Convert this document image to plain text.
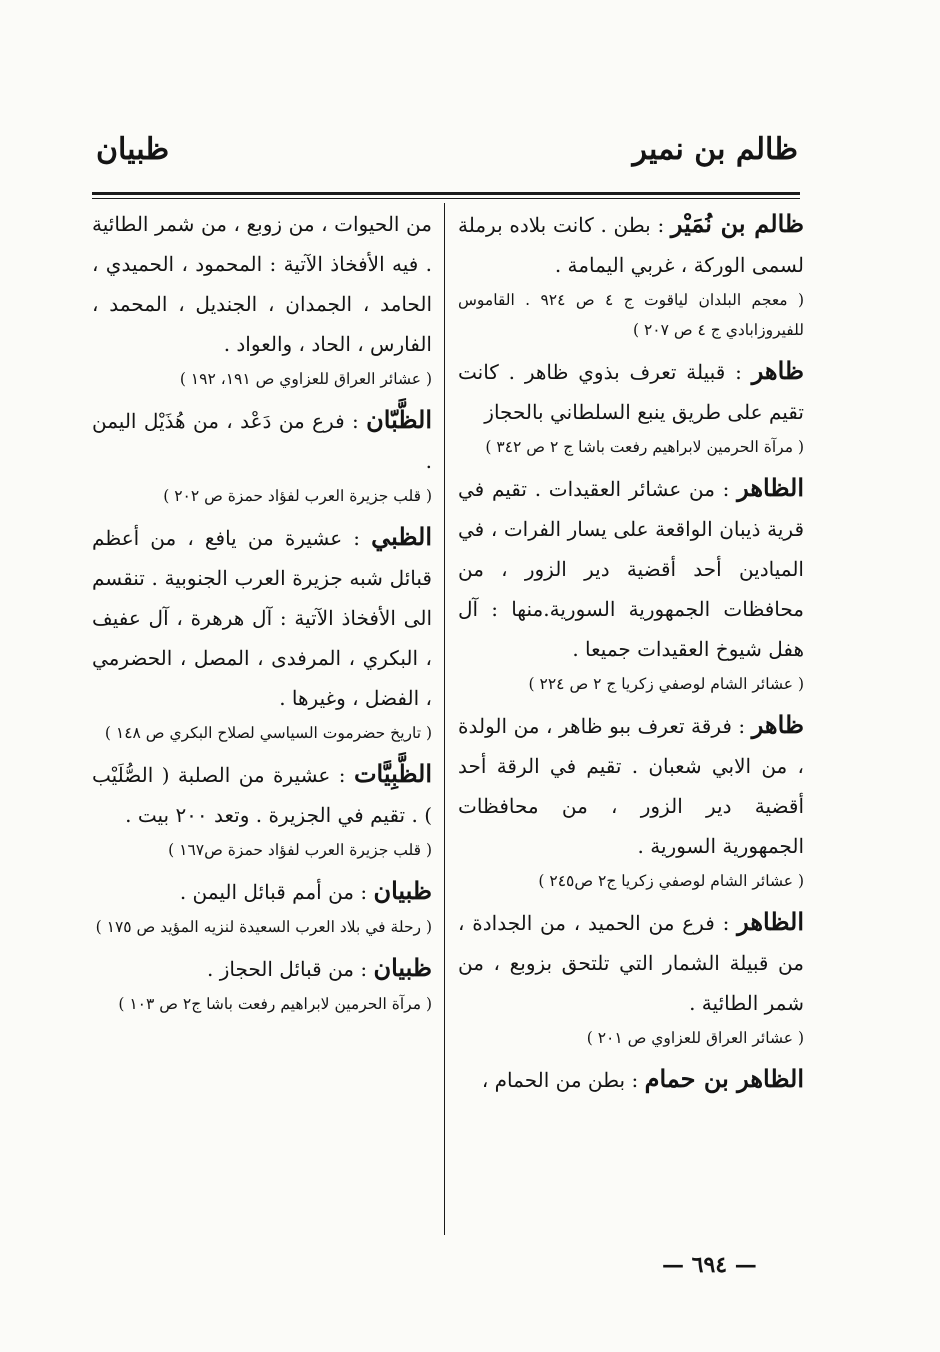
ظالم بن نمير
ظبيان
ظالم بن نُمَيْر : بطن . كانت بلاده برملة لسمى الوركة ، غربي اليمامة .
( معجم البلدان لياقوت ج ٤ ص ٩٢٤ . القاموس للفيروزابادي ج ٤ ص ٢٠٧ )
ظاهر : قبيلة تعرف بذوي ظاهر . كانت تقيم على طريق ينبع السلطاني بالحجاز
( مرآة الحرمين لابراهيم رفعت باشا ج ٢ ص ٣٤٢ )
الظاهر : من عشائر العقيدات . تقيم في قرية ذيبان الواقعة على يسار الفرات ، في الميادين أحد أقضية دير الزور ، من محافظات الجمهورية السورية.منها : آل هفل شيوخ العقيدات جميعا .
( عشائر الشام لوصفي زكريا ج ٢ ص ٢٢٤ )
ظاهر : فرقة تعرف ببو ظاهر ، من الولدة ، من الابي شعبان . تقيم في الرقة أحد أقضية دير الزور ، من محافظات الجمهورية السورية .
( عشائر الشام لوصفي زكريا ج٢ ص٢٤٥ )
الظاهر : فرع من الحميد ، من الجدادة ، من قبيلة الشمار التي تلتحق بزوبع ، من شمر الطائية .
( عشائر العراق للعزاوي ص ٢٠١ )
الظاهر بن حمام : بطن من الحمام ،
من الحيوات ، من زوبع ، من شمر الطائية . فيه الأفخاذ الآتية : المحمود ، الحميدي ، الحامد ، الجمدان ، الجنديل ، المحمد ، الفارس ، الحاد ، والعواد .
( عشائر العراق للعزاوي ص ١٩١، ١٩٢ )
الظَّبّان : فرع من دَعْد ، من هُذَيْل اليمن .
( قلب جزيرة العرب لفؤاد حمزة ص ٢٠٢ )
الظبي : عشيرة من يافع ، من أعظم قبائل شبه جزيرة العرب الجنوبية . تنقسم الى الأفخاذ الآتية : آل هرهرة ، آل عفيف ، البكري ، المرفدى ، المصل ، الحضرمي ، الفضل ، وغيرها .
( تاريخ حضرموت السياسي لصلاح البكري ص ١٤٨ )
الظَّبِيَّات : عشيرة من الصلبة ( الصُّلَيْب ) . تقيم في الجزيرة . وتعد ٢٠٠ بيت .
( قلب جزيرة العرب لفؤاد حمزة ص١٦٧ )
ظبيان : من أمم قبائل اليمن .
( رحلة في بلاد العرب السعيدة لنزيه المؤيد ص ١٧٥ )
ظبيان : من قبائل الحجاز .
( مرآة الحرمين لابراهيم رفعت باشا ج٢ ص ١٠٣ )
— ٦٩٤ —
